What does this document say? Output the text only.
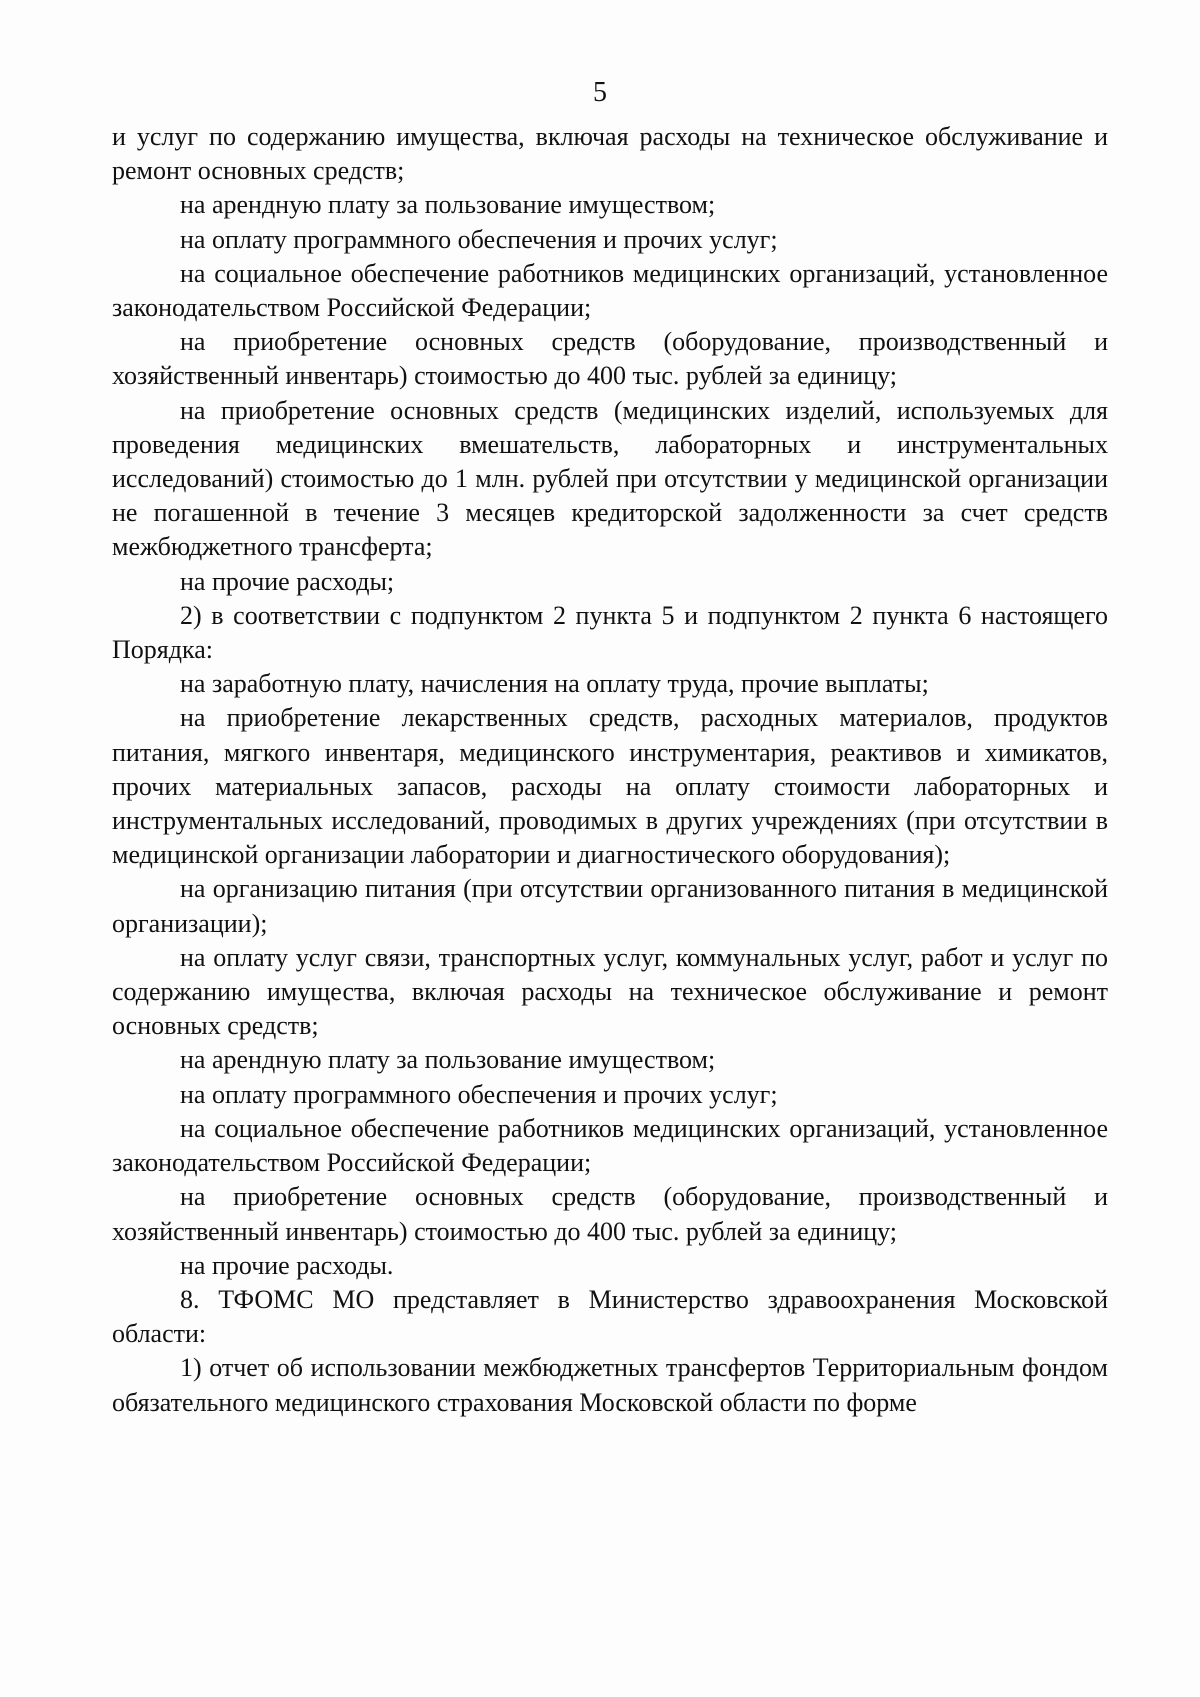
5

и услуг по содержанию имущества, включая расходы на техническое обслуживание и ремонт основных средств;

на арендную плату за пользование имуществом;

на оплату программного обеспечения и прочих услуг;

на социальное обеспечение работников медицинских организаций, установленное законодательством Российской Федерации;

на приобретение основных средств (оборудование, производственный и хозяйственный инвентарь) стоимостью до 400 тыс. рублей за единицу;

на приобретение основных средств (медицинских изделий, используемых для проведения медицинских вмешательств, лабораторных и инструментальных исследований) стоимостью до 1 млн. рублей при отсутствии у медицинской организации не погашенной в течение 3 месяцев кредиторской задолженности за счет средств межбюджетного трансферта;

на прочие расходы;

2) в соответствии с подпунктом 2 пункта 5 и подпунктом 2 пункта 6 настоящего Порядка:

на заработную плату, начисления на оплату труда, прочие выплаты;

на приобретение лекарственных средств, расходных материалов, продуктов питания, мягкого инвентаря, медицинского инструментария, реактивов и химикатов, прочих материальных запасов, расходы на оплату стоимости лабораторных и инструментальных исследований, проводимых в других учреждениях (при отсутствии в медицинской организации лаборатории и диагностического оборудования);

на организацию питания (при отсутствии организованного питания в медицинской организации);

на оплату услуг связи, транспортных услуг, коммунальных услуг, работ и услуг по содержанию имущества, включая расходы на техническое обслуживание и ремонт основных средств;

на арендную плату за пользование имуществом;

на оплату программного обеспечения и прочих услуг;

на социальное обеспечение работников медицинских организаций, установленное законодательством Российской Федерации;

на приобретение основных средств (оборудование, производственный и хозяйственный инвентарь) стоимостью до 400 тыс. рублей за единицу;

на прочие расходы.

8. ТФОМС МО представляет в Министерство здравоохранения Московской области:

1) отчет об использовании межбюджетных трансфертов Территориальным фондом обязательного медицинского страхования Московской области по форме
